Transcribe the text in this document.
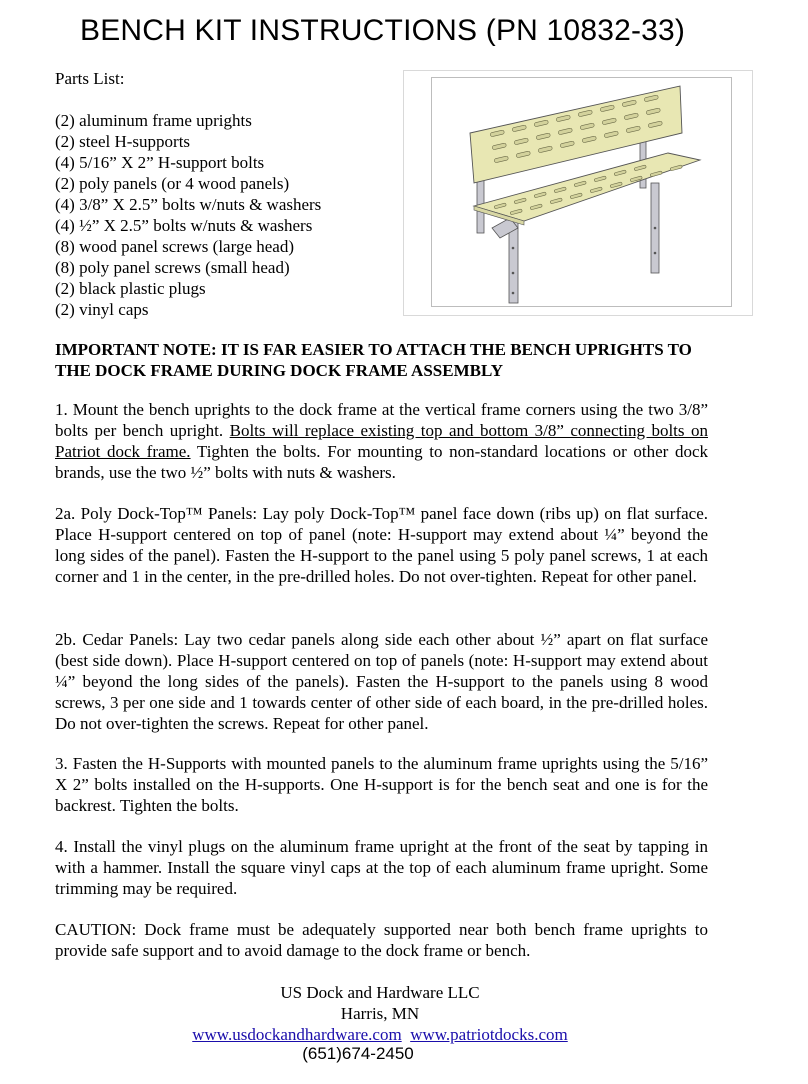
BENCH KIT INSTRUCTIONS (PN 10832-33)
Parts List:
(2) aluminum frame uprights
(2) steel H-supports
(4) 5/16” X 2” H-support bolts
(2) poly panels (or 4 wood panels)
(4) 3/8” X 2.5” bolts w/nuts & washers
(4) ½” X 2.5” bolts w/nuts & washers
(8) wood panel screws (large head)
(8) poly panel screws (small head)
(2) black plastic plugs
(2) vinyl caps
IMPORTANT NOTE: IT IS FAR EASIER TO ATTACH THE BENCH UPRIGHTS TO THE DOCK FRAME DURING DOCK FRAME ASSEMBLY
1. Mount the bench uprights to the dock frame at the vertical frame corners using the two 3/8” bolts per bench upright. Bolts will replace existing top and bottom 3/8” connecting bolts on Patriot dock frame. Tighten the bolts. For mounting to non-standard locations or other dock brands, use the two ½” bolts with nuts & washers.
2a. Poly Dock-Top™ Panels: Lay poly Dock-Top™ panel face down (ribs up) on flat surface. Place H-support centered on top of panel (note: H-support may extend about ¼” beyond the long sides of the panel). Fasten the H-support to the panel using 5 poly panel screws, 1 at each corner and 1 in the center, in the pre-drilled holes. Do not over-tighten. Repeat for other panel.
2b. Cedar Panels: Lay two cedar panels along side each other about ½” apart on flat surface (best side down). Place H-support centered on top of panels (note: H-support may extend about ¼” beyond the long sides of the panels). Fasten the H-support to the panels using 8 wood screws, 3 per one side and 1 towards center of other side of each board, in the pre-drilled holes. Do not over-tighten the screws. Repeat for other panel.
3. Fasten the H-Supports with mounted panels to the aluminum frame uprights using the 5/16” X 2” bolts installed on the H-supports. One H-support is for the bench seat and one is for the backrest. Tighten the bolts.
4. Install the vinyl plugs on the aluminum frame upright at the front of the seat by tapping in with a hammer. Install the square vinyl caps at the top of each aluminum frame upright. Some trimming may be required.
CAUTION: Dock frame must be adequately supported near both bench frame uprights to provide safe support and to avoid damage to the dock frame or bench.
US Dock and Hardware LLC
Harris, MN
www.usdockandhardware.com www.patriotdocks.com
(651)674-2450
